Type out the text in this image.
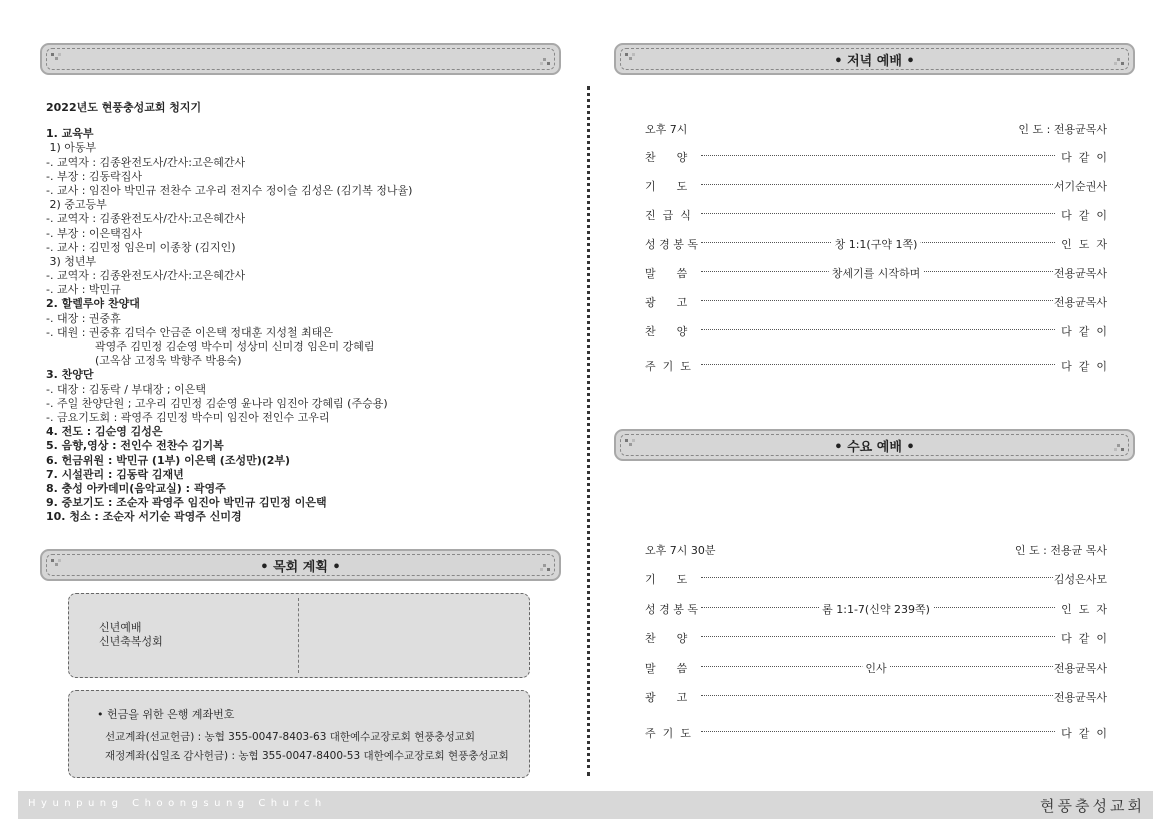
• 저녁 예배 •
• 목회 계획 •
• 수요 예배 •
2022년도 현풍충성교회 청지기
1. 교육부
1) 아동부
-. 교역자 : 김종완전도사/간사:고은혜간사
-. 부장 : 김동락집사
-. 교사 : 임진아 박민규 전찬수 고우리 전지수 정이슬 김성은 (김기복 정나율)
2) 중고등부
-. 교역자 : 김종완전도사/간사:고은혜간사
-. 부장 : 이은택집사
-. 교사 : 김민정 임은미 이종창 (김지인)
3) 청년부
-. 교역자 : 김종완전도사/간사:고은혜간사
-. 교사 : 박민규
2. 할렐루야 찬양대
-. 대장 : 권중휴
-. 대원 : 권중휴 김덕수 안금준 이은택 정대훈 지성철 최태은
곽영주 김민정 김순영 박수미 성상미 신미경 임은미 강혜림
(고옥삼 고정욱 박향주 박용숙)
3. 찬양단
-. 대장 : 김동락 / 부대장 ; 이은택
-. 주일 찬양단원 ; 고우리 김민정 김순영 윤나라 임진아 강혜림 (주승용)
-. 금요기도회 : 곽영주 김민정 박수미 임진아 전인수 고우리
4. 전도 : 김순영 김성은
5. 음향,영상 : 전인수 전찬수 김기복
6. 헌금위원 : 박민규 (1부) 이은택 (조성만)(2부)
7. 시설관리 : 김동락 김재년
8. 충성 아카데미(음악교실) : 곽영주
9. 중보기도 : 조순자 곽영주 임진아 박민규 김민정 이은택
10. 청소 : 조순자 서기순 곽영주 신미경
신년예배
신년축복성회
• 헌금을 위한 은행 계좌번호
선교계좌(선교헌금) : 농협 355-0047-8403-63 대한예수교장로회 현풍충성교회
재정계좌(십일조 감사헌금) : 농협 355-0047-8400-53 대한예수교장로회 현풍충성교회
오후 7시	인 도 : 전용균목사
찬      양	다  같  이
기      도	서기순권사
진  급  식	다  같  이
성 경 봉 독	창 1:1(구약 1쪽)	인  도  자
말      씀	창세기를 시작하며	전용균목사
광      고	전용균목사
찬      양	다  같  이
주  기  도	다  같  이
오후 7시 30분	인 도 : 전용균 목사
기      도	김성은사모
성 경 봉 독	롬 1:1-7(신약 239쪽)	인  도  자
찬      양	다  같  이
말      씀	인사	전용균목사
광      고	전용균목사
주  기  도	다  같  이
Hyunpung Choongsung Church	현풍충성교회
